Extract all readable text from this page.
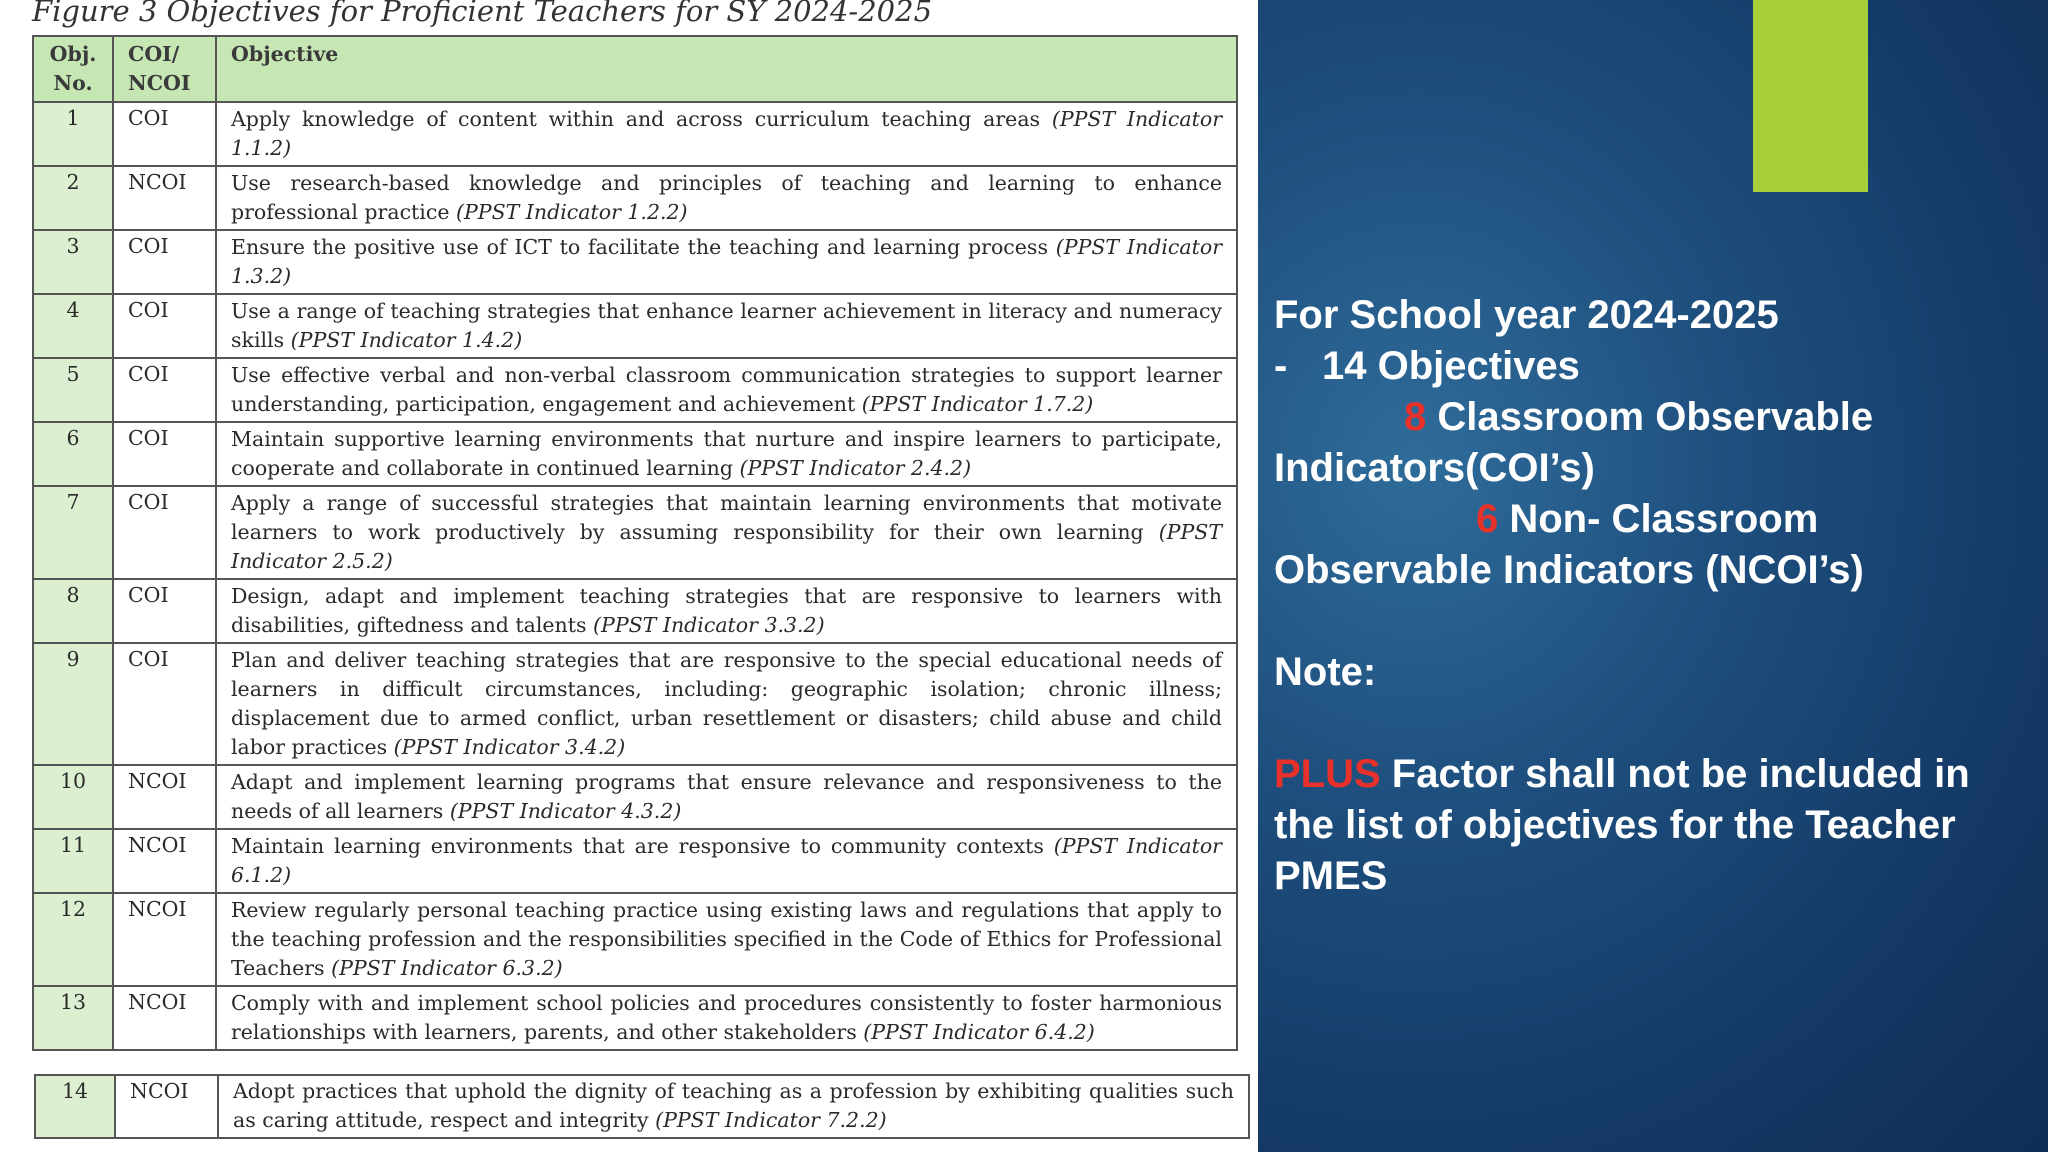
Figure 3 Objectives for Proficient Teachers for SY 2024-2025
Obj. No.	COI/ NCOI	Objective
1	COI	Apply knowledge of content within and across curriculum teaching areas (PPST Indicator 1.1.2)
2	NCOI	Use research-based knowledge and principles of teaching and learning to enhance professional practice (PPST Indicator 1.2.2)
3	COI	Ensure the positive use of ICT to facilitate the teaching and learning process (PPST Indicator 1.3.2)
4	COI	Use a range of teaching strategies that enhance learner achievement in literacy and numeracy skills (PPST Indicator 1.4.2)
5	COI	Use effective verbal and non-verbal classroom communication strategies to support learner understanding, participation, engagement and achievement (PPST Indicator 1.7.2)
6	COI	Maintain supportive learning environments that nurture and inspire learners to participate, cooperate and collaborate in continued learning (PPST Indicator 2.4.2)
7	COI	Apply a range of successful strategies that maintain learning environments that motivate learners to work productively by assuming responsibility for their own learning (PPST Indicator 2.5.2)
8	COI	Design, adapt and implement teaching strategies that are responsive to learners with disabilities, giftedness and talents (PPST Indicator 3.3.2)
9	COI	Plan and deliver teaching strategies that are responsive to the special educational needs of learners in difficult circumstances, including: geographic isolation; chronic illness; displacement due to armed conflict, urban resettlement or disasters; child abuse and child labor practices (PPST Indicator 3.4.2)
10	NCOI	Adapt and implement learning programs that ensure relevance and responsiveness to the needs of all learners (PPST Indicator 4.3.2)
11	NCOI	Maintain learning environments that are responsive to community contexts (PPST Indicator 6.1.2)
12	NCOI	Review regularly personal teaching practice using existing laws and regulations that apply to the teaching profession and the responsibilities specified in the Code of Ethics for Professional Teachers (PPST Indicator 6.3.2)
13	NCOI	Comply with and implement school policies and procedures consistently to foster harmonious relationships with learners, parents, and other stakeholders (PPST Indicator 6.4.2)
14	NCOI	Adopt practices that uphold the dignity of teaching as a profession by exhibiting qualities such as caring attitude, respect and integrity (PPST Indicator 7.2.2)

For School year 2024-2025

- 14 Objectives

8 Classroom Observable Indicators(COI’s)

6 Non- Classroom Observable Indicators (NCOI’s)

Note:

PLUS Factor shall not be included in the list of objectives for the Teacher PMES
